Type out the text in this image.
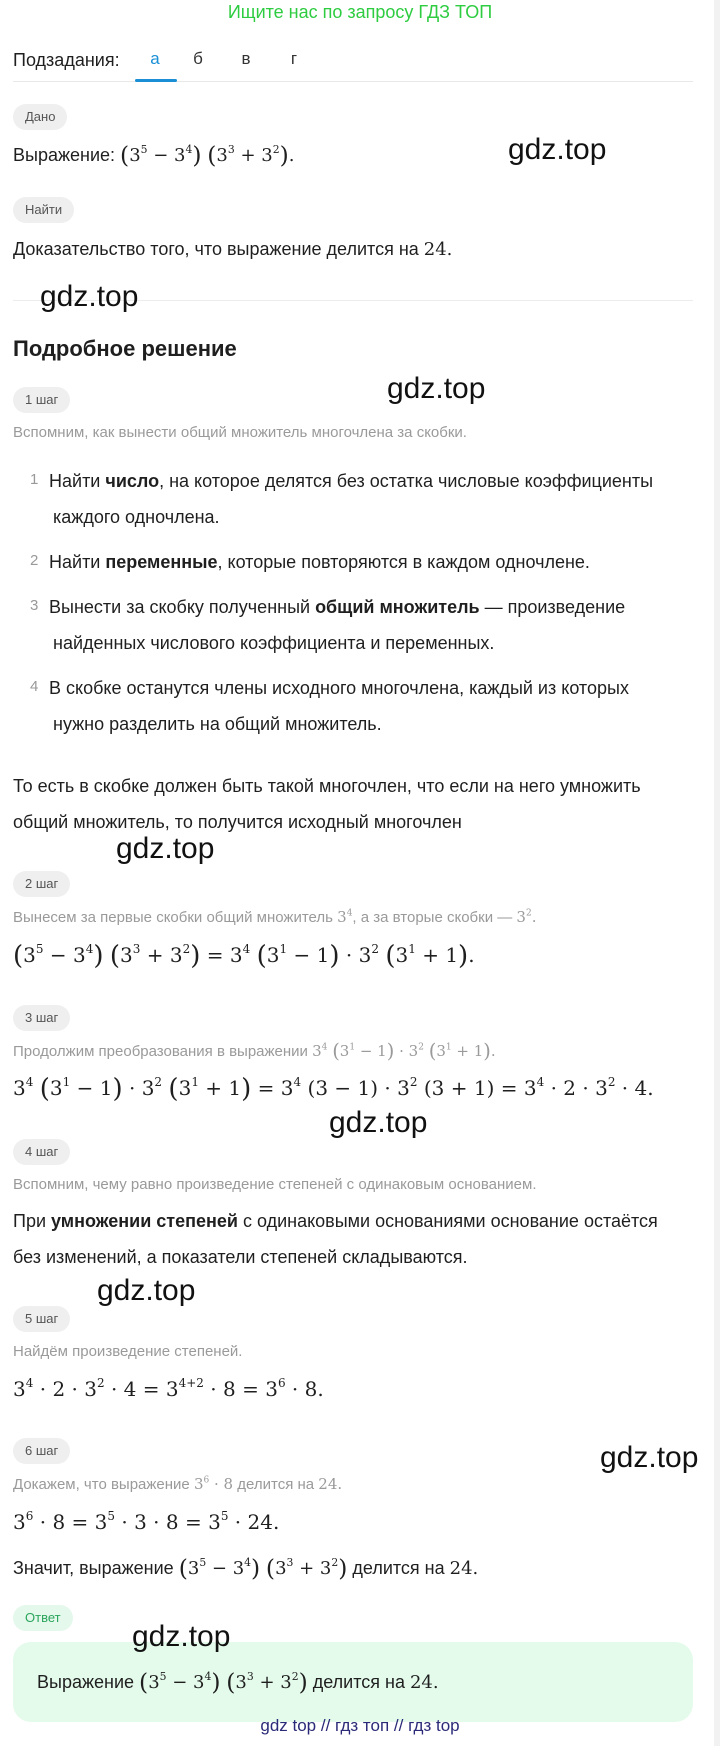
Ищите нас по запросу ГДЗ ТОП
Подзадания:	а	б	в	г
Дано
Выражение: $(3^5 - 3^4) (3^3 + 3^2)$.
Найти
Доказательство того, что выражение делится на 24.
Подробное решение
1 шаг
Вспомним, как вынести общий множитель многочлена за скобки.
1 Найти число, на которое делятся без остатка числовые коэффициенты
каждого одночлена.
2 Найти переменные, которые повторяются в каждом одночлене.
3 Вынести за скобку полученный общий множитель — произведение
найденных числового коэффициента и переменных.
4 В скобке останутся члены исходного многочлена, каждый из которых
нужно разделить на общий множитель.
То есть в скобке должен быть такой многочлен, что если на него умножить
общий множитель, то получится исходный многочлен
2 шаг
Вынесем за первые скобки общий множитель $3^4$, а за вторые скобки — $3^2$.
$(3^5 - 3^4) (3^3 + 3^2) = 3^4$ $(3^1 - 1) \cdot 3^2$ $(3^1 + 1)$.
3 шаг
Продолжим преобразования в выражении $3^4$ $(3^1 - 1) \cdot 3^2$ $(3^1 + 1)$.
$3^4$ $(3^1 - 1) \cdot 3^2$ $(3^1 + 1) = 3^4$ $(3 - 1) \cdot 3^2$ $(3 + 1) = 3^4 \cdot 2 \cdot 3^2 \cdot 4$.
4 шаг
Вспомним, чему равно произведение степеней с одинаковым основанием.
При умножении степеней с одинаковыми основаниями основание остаётся
без изменений, а показатели степеней складываются.
5 шаг
Найдём произведение степеней.
$3^4 \cdot 2 \cdot 3^2 \cdot 4 = 3^{4+2} \cdot 8 = 3^6 \cdot 8$.
6 шаг
Докажем, что выражение $3^6 \cdot 8$ делится на 24.
$3^6 \cdot 8 = 3^5 \cdot 3 \cdot 8 = 3^5 \cdot 24$.
Значит, выражение $(3^5 - 3^4) (3^3 + 3^2)$ делится на 24.
Ответ
Выражение $(3^5 - 3^4) (3^3 + 3^2)$ делится на 24.
gdz.top
gdz.top
gdz.top
gdz.top
gdz.top
gdz.top
gdz.top
gdz.top
gdz top // гдз топ // гдз top
